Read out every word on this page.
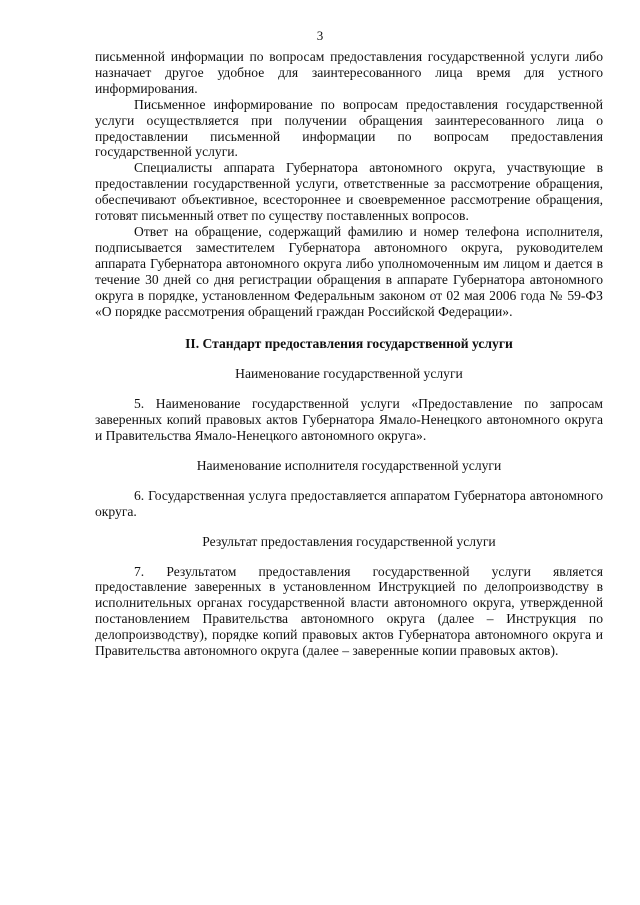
3

письменной информации по вопросам предоставления государственной услуги либо назначает другое удобное для заинтересованного лица время для устного информирования.

Письменное информирование по вопросам предоставления государственной услуги осуществляется при получении обращения заинтересованного лица о предоставлении письменной информации по вопросам предоставления государственной услуги.

Специалисты аппарата Губернатора автономного округа, участвующие в предоставлении государственной услуги, ответственные за рассмотрение обращения, обеспечивают объективное, всестороннее и своевременное рассмотрение обращения, готовят письменный ответ по существу поставленных вопросов.

Ответ на обращение, содержащий фамилию и номер телефона исполнителя, подписывается заместителем Губернатора автономного округа, руководителем аппарата Губернатора автономного округа либо уполномоченным им лицом и дается в течение 30 дней со дня регистрации обращения в аппарате Губернатора автономного округа в порядке, установленном Федеральным законом от 02 мая 2006 года № 59-ФЗ «О порядке рассмотрения обращений граждан Российской Федерации».

II. Стандарт предоставления государственной услуги

Наименование государственной услуги

5. Наименование государственной услуги «Предоставление по запросам заверенных копий правовых актов Губернатора Ямало-Ненецкого автономного округа и Правительства Ямало-Ненецкого автономного округа».

Наименование исполнителя государственной услуги

6. Государственная услуга предоставляется аппаратом Губернатора автономного округа.

Результат предоставления государственной услуги

7. Результатом предоставления государственной услуги является предоставление заверенных в установленном Инструкцией по делопроизводству в исполнительных органах государственной власти автономного округа, утвержденной постановлением Правительства автономного округа (далее – Инструкция по делопроизводству), порядке копий правовых актов Губернатора автономного округа и Правительства автономного округа (далее – заверенные копии правовых актов).
